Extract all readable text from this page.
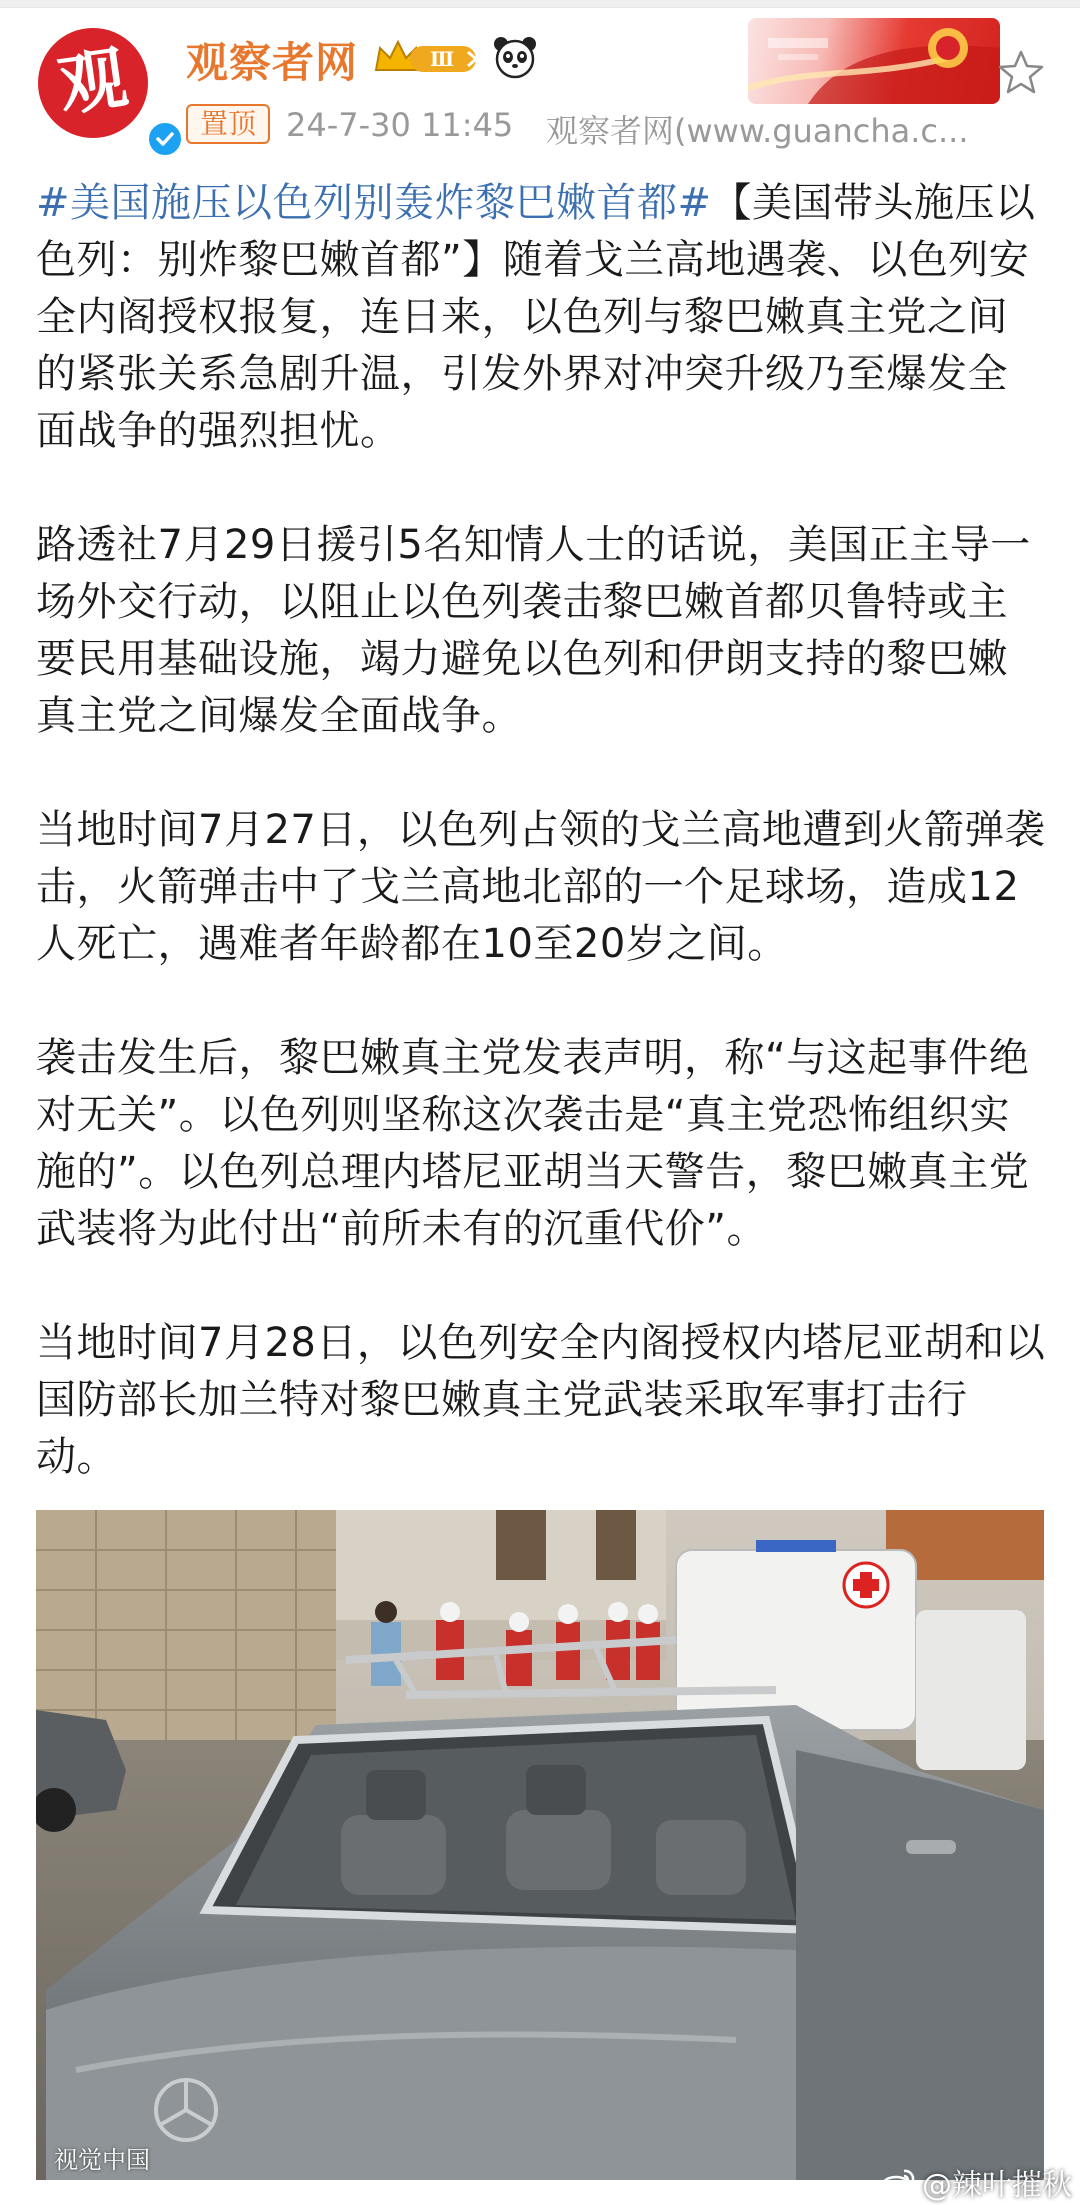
观 观察者网	Ⅲ
置顶 24-7-30 11:45 观察者网(www.guancha.c...
#美国施压以色列别轰炸黎巴嫩首都#【美国带头施压以色列：别炸黎巴嫩首都”】随着戈兰高地遇袭、以色列安全内阁授权报复，连日来，以色列与黎巴嫩真主党之间的紧张关系急剧升温，引发外界对冲突升级乃至爆发全面战争的强烈担忧。
路透社7月29日援引5名知情人士的话说，美国正主导一场外交行动，以阻止以色列袭击黎巴嫩首都贝鲁特或主要民用基础设施，竭力避免以色列和伊朗支持的黎巴嫩真主党之间爆发全面战争。
当地时间7月27日，以色列占领的戈兰高地遭到火箭弹袭击，火箭弹击中了戈兰高地北部的一个足球场，造成12人死亡，遇难者年龄都在10至20岁之间。
袭击发生后，黎巴嫩真主党发表声明，称“与这起事件绝对无关”。以色列则坚称这次袭击是“真主党恐怖组织实施的”。以色列总理内塔尼亚胡当天警告，黎巴嫩真主党武装将为此付出“前所未有的沉重代价”。
当地时间7月28日，以色列安全内阁授权内塔尼亚胡和以国防部长加兰特对黎巴嫩真主党武装采取军事打击行动。
视觉中国
@辣叶摧秋
